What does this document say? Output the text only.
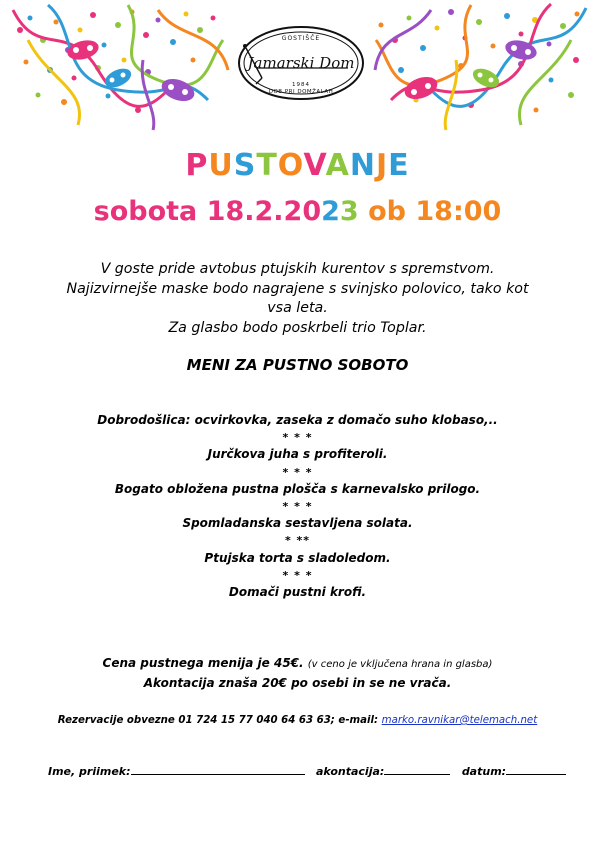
GOSTIŠČE
Jamarski Dom
1984
DOB PRI DOMŽALAH
PUSTOVANJE
sobota 18.2.2023 ob 18:00
V goste pride avtobus ptujskih kurentov s spremstvom.
Najizvirnejše maske bodo nagrajene s svinjsko polovico, tako kot
vsa leta.
Za glasbo bodo poskrbeli trio Toplar.
MENI ZA PUSTNO SOBOTO
Dobrodošlica: ocvirkovka, zaseka z domačo suho klobaso,..
* * *
Jurčkova juha s profiteroli.
* * *
Bogato obložena pustna plošča s karnevalsko prilogo.
* * *
Spomladanska sestavljena solata.
* **
Ptujska torta s sladoledom.
* * *
Domači pustni krofi.
Cena pustnega menija je 45€. (v ceno je vključena hrana in glasba)
Akontacija znaša 20€ po osebi in se ne vrača.
Rezervacije obvezne 01 724 15 77 040 64 63 63; e-mail: marko.ravnikar@telemach.net
Ime, priimek:	akontacija:	datum:
